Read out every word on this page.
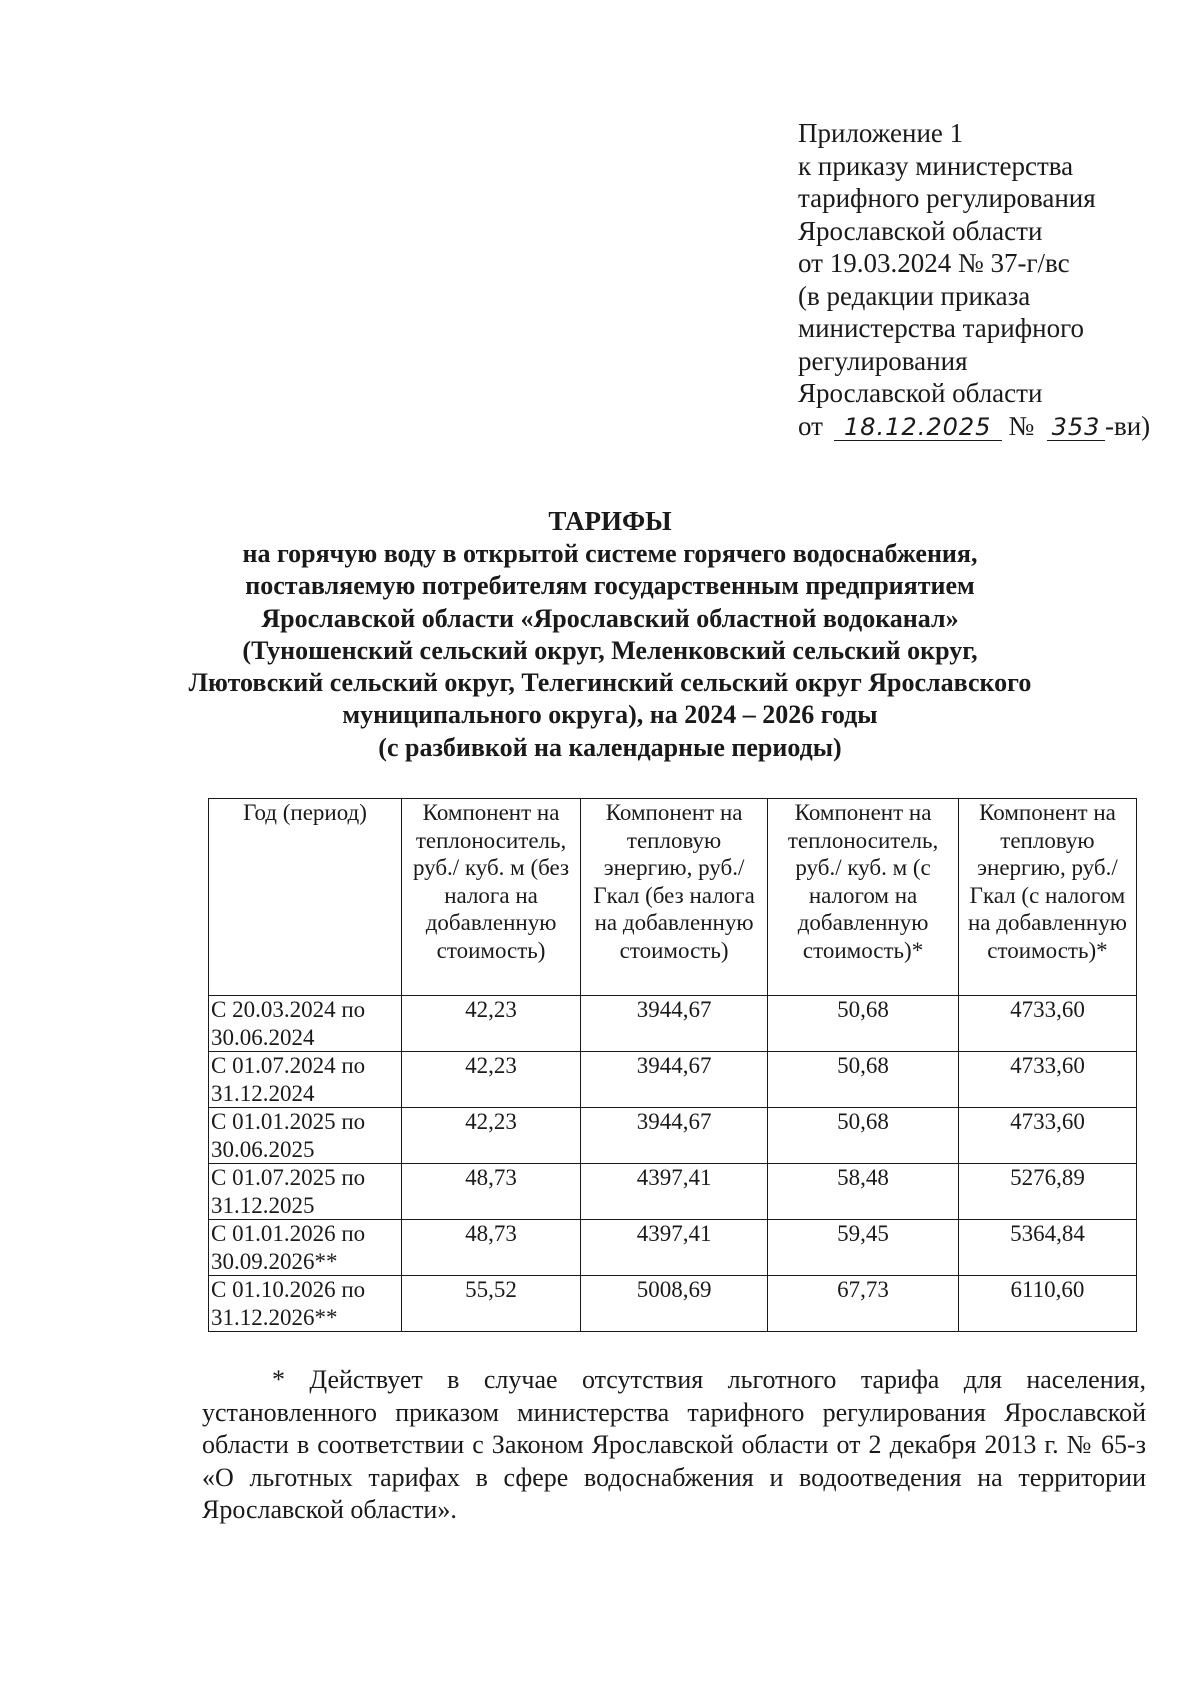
Приложение 1
к приказу министерства
тарифного регулирования
Ярославской области
от 19.03.2024 № 37-г/вс
(в редакции приказа
министерства тарифного
регулирования
Ярославской области
от 18.12.2025 № 353 -ви)
ТАРИФЫ
на горячую воду в открытой системе горячего водоснабжения,
поставляемую потребителям государственным предприятием
Ярославской области «Ярославский областной водоканал»
(Туношенский сельский округ, Меленковский сельский округ,
Лютовский сельский округ, Телегинский сельский округ Ярославского
муниципального округа), на 2024 – 2026 годы
(с разбивкой на календарные периоды)
Год (период)	Компонент на теплоноситель, руб./ куб. м (без налога на добавленную стоимость)	Компонент на тепловую энергию, руб./Гкал (без налога на добавленную стоимость)	Компонент на теплоноситель, руб./ куб. м (с налогом на добавленную стоимость)*	Компонент на тепловую энергию, руб./Гкал (с налогом на добавленную стоимость)*
С 20.03.2024 по 30.06.2024	42,23	3944,67	50,68	4733,60
С 01.07.2024 по 31.12.2024	42,23	3944,67	50,68	4733,60
С 01.01.2025 по 30.06.2025	42,23	3944,67	50,68	4733,60
С 01.07.2025 по 31.12.2025	48,73	4397,41	58,48	5276,89
С 01.01.2026 по 30.09.2026**	48,73	4397,41	59,45	5364,84
С 01.10.2026 по 31.12.2026**	55,52	5008,69	67,73	6110,60

* Действует в случае отсутствия льготного тарифа для населения, установленного приказом министерства тарифного регулирования Ярославской области в соответствии с Законом Ярославской области от 2 декабря 2013 г. № 65-з «О льготных тарифах в сфере водоснабжения и водоотведения на территории Ярославской области».
